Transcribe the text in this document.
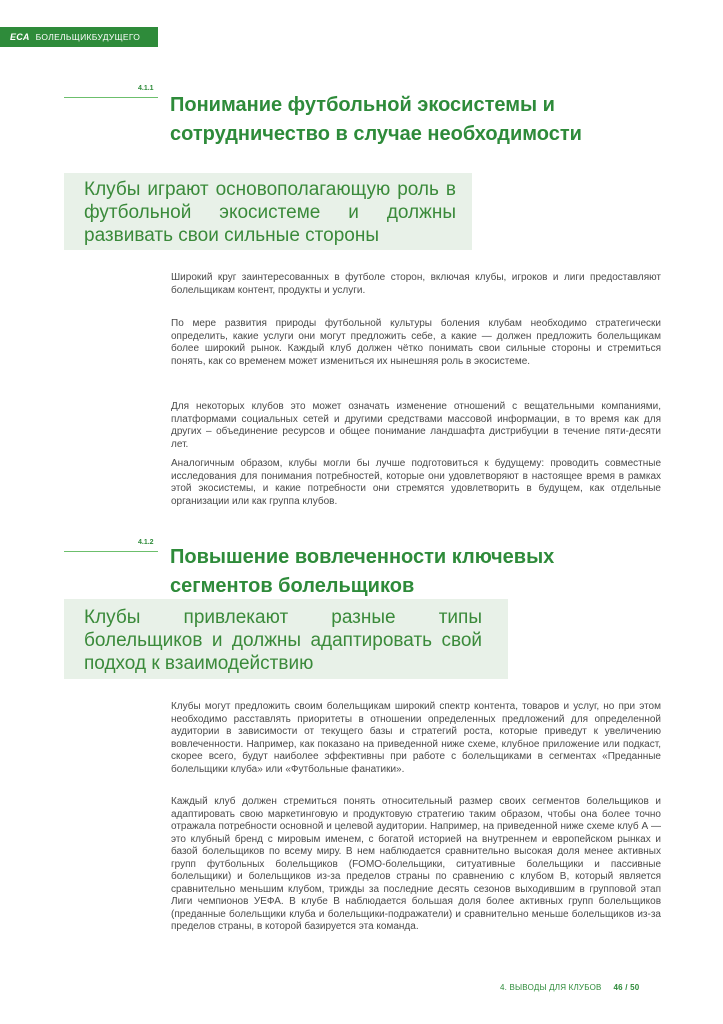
ECA БОЛЕЛЬЩИКБУДУЩЕГО
4.1.1
Понимание футбольной экосистемы и сотрудничество в случае необходимости

Клубы играют основополагающую роль в футбольной экосистеме и должны развивать свои сильные стороны

Широкий круг заинтересованных в футболе сторон, включая клубы, игроков и лиги предоставляют болельщикам контент, продукты и услуги.

По мере развития природы футбольной культуры боления клубам необходимо стратегически определить, какие услуги они могут предложить себе, а какие — должен предложить болельщикам более широкий рынок. Каждый клуб должен чётко понимать свои сильные стороны и стремиться понять, как со временем может измениться их нынешняя роль в экосистеме.

Для некоторых клубов это может означать изменение отношений с вещательными компаниями, платформами социальных сетей и другими средствами массовой информации, в то время как для других – объединение ресурсов и общее понимание ландшафта дистрибуции в течение пяти-десяти лет.

Аналогичным образом, клубы могли бы лучше подготовиться к будущему: проводить совместные исследования для понимания потребностей, которые они удовлетворяют в настоящее время в рамках этой экосистемы, и какие потребности они стремятся удовлетворить в будущем, как отдельные организации или как группа клубов.

4.1.2
Повышение вовлеченности ключевых сегментов болельщиков

Клубы привлекают разные типы болельщиков и должны адаптировать свой подход к взаимодействию

Клубы могут предложить своим болельщикам широкий спектр контента, товаров и услуг, но при этом необходимо расставлять приоритеты в отношении определенных предложений для определенной аудитории в зависимости от текущего базы и стратегий роста, которые приведут к увеличению вовлеченности. Например, как показано на приведенной ниже схеме, клубное приложение или подкаст, скорее всего, будут наиболее эффективны при работе с болельщиками в сегментах «Преданные болельщики клуба» или «Футбольные фанатики».

Каждый клуб должен стремиться понять относительный размер своих сегментов болельщиков и адаптировать свою маркетинговую и продуктовую стратегию таким образом, чтобы она более точно отражала потребности основной и целевой аудитории. Например, на приведенной ниже схеме клуб А — это клубный бренд с мировым именем, с богатой историей на внутреннем и европейском рынках и базой болельщиков по всему миру. В нем наблюдается сравнительно высокая доля менее активных групп футбольных болельщиков (FOMO-болельщики, ситуативные болельщики и пассивные болельщики) и болельщиков из-за пределов страны по сравнению с клубом В, который является сравнительно меньшим клубом, трижды за последние десять сезонов выходившим в групповой этап Лиги чемпионов УЕФА. В клубе В наблюдается большая доля более активных групп болельщиков (преданные болельщики клуба и болельщики-подражатели) и сравнительно меньше болельщиков из-за пределов страны, в которой базируется эта команда.

4. ВЫВОДЫ ДЛЯ КЛУБОВ 46 / 50
